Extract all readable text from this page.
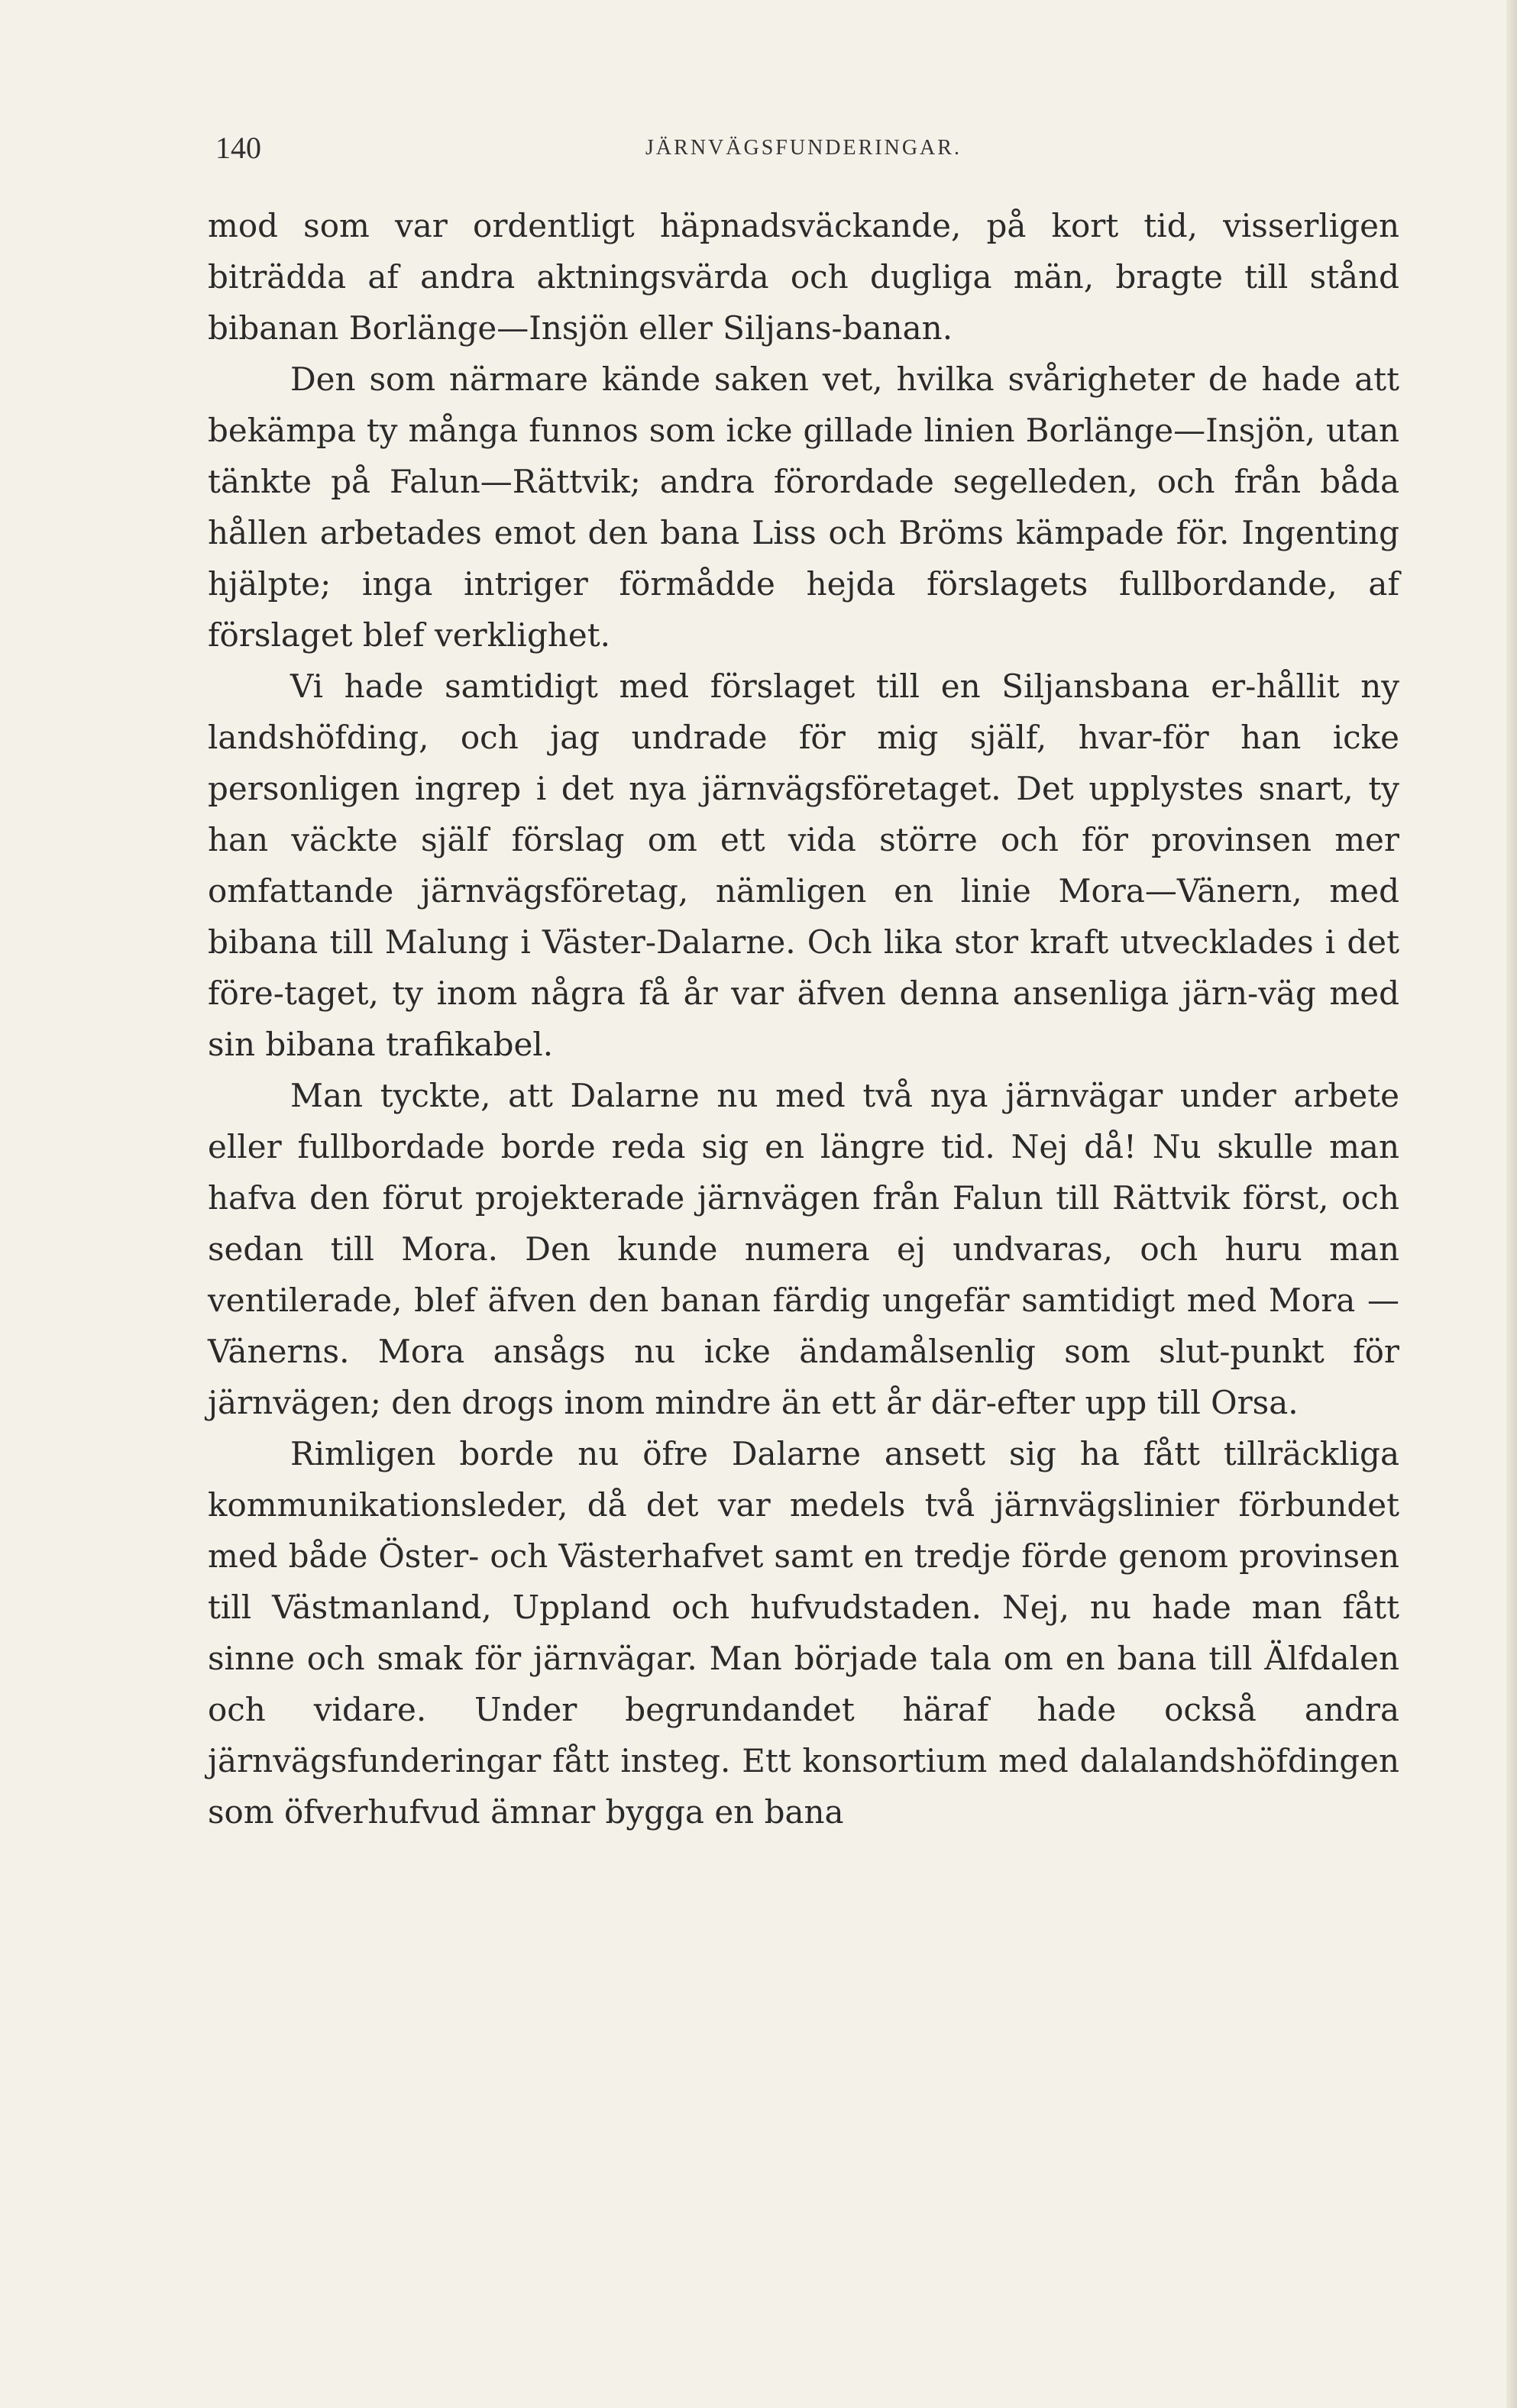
140	JÄRNVÄGSFUNDERINGAR.

mod som var ordentligt häpnadsväckande, på kort tid, visserligen biträdda af andra aktningsvärda och dugliga män, bragte till stånd bibanan Borlänge—Insjön eller Siljans-banan.

Den som närmare kände saken vet, hvilka svårigheter de hade att bekämpa ty många funnos som icke gillade linien Borlänge—Insjön, utan tänkte på Falun—Rättvik; andra förordade segelleden, och från båda hållen arbetades emot den bana Liss och Bröms kämpade för. Ingenting hjälpte; inga intriger förmådde hejda förslagets fullbordande, af förslaget blef verklighet.

Vi hade samtidigt med förslaget till en Siljansbana er-hållit ny landshöfding, och jag undrade för mig själf, hvar-för han icke personligen ingrep i det nya järnvägsföretaget. Det upplystes snart, ty han väckte själf förslag om ett vida större och för provinsen mer omfattande järnvägsföretag, nämligen en linie Mora—Vänern, med bibana till Malung i Väster-Dalarne. Och lika stor kraft utvecklades i det före-taget, ty inom några få år var äfven denna ansenliga järn-väg med sin bibana trafikabel.

Man tyckte, att Dalarne nu med två nya järnvägar under arbete eller fullbordade borde reda sig en längre tid. Nej då! Nu skulle man hafva den förut projekterade järnvägen från Falun till Rättvik först, och sedan till Mora. Den kunde numera ej undvaras, och huru man ventilerade, blef äfven den banan färdig ungefär samtidigt med Mora —Vänerns. Mora ansågs nu icke ändamålsenlig som slut-punkt för järnvägen; den drogs inom mindre än ett år där-efter upp till Orsa.

Rimligen borde nu öfre Dalarne ansett sig ha fått tillräckliga kommunikationsleder, då det var medels två järnvägslinier förbundet med både Öster- och Västerhafvet samt en tredje förde genom provinsen till Västmanland, Uppland och hufvudstaden. Nej, nu hade man fått sinne och smak för järnvägar. Man började tala om en bana till Älfdalen och vidare. Under begrundandet häraf hade också andra järnvägsfunderingar fått insteg. Ett konsortium med dalalandshöfdingen som öfverhufvud ämnar bygga en bana
